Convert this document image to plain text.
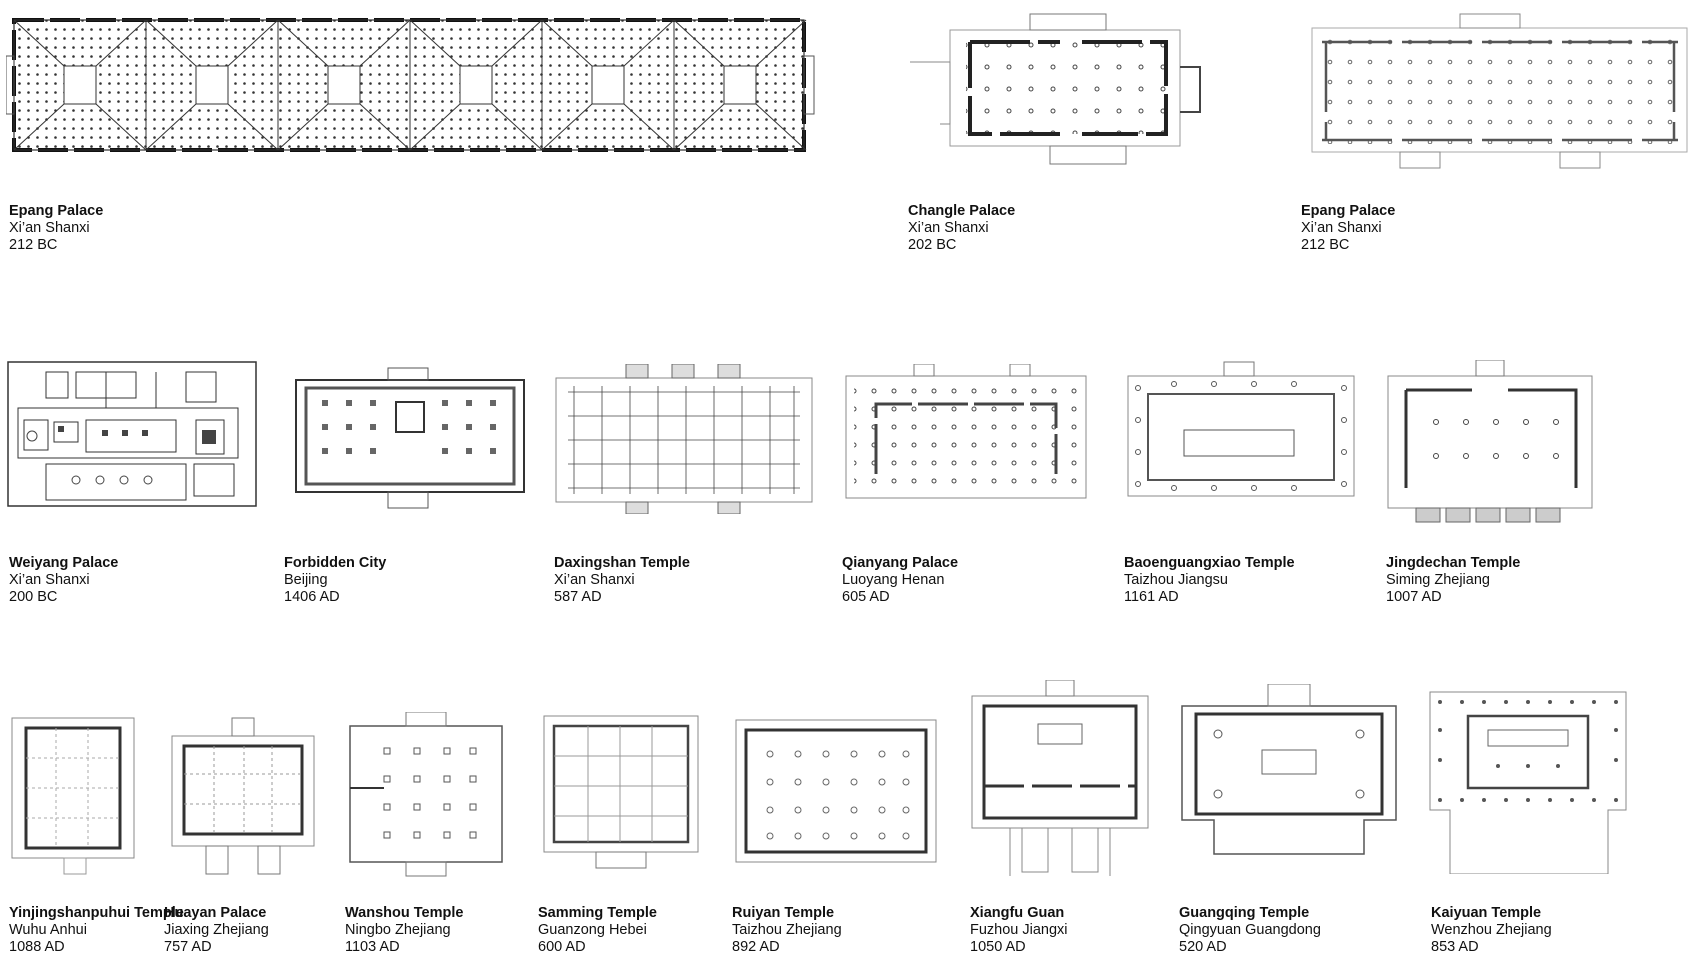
Epang Palace
Xi’an Shanxi
212 BC
Changle Palace
Xi’an Shanxi
202 BC
Epang Palace
Xi’an Shanxi
212 BC
Weiyang Palace
Xi’an Shanxi
200 BC
Forbidden City
Beijing
1406 AD
Daxingshan Temple
Xi’an Shanxi
587 AD
Qianyang Palace
Luoyang Henan
605 AD
Baoenguangxiao Temple
Taizhou Jiangsu
1161 AD
Jingdechan Temple
Siming Zhejiang
1007 AD
Yinjingshanpuhui Temple
Wuhu Anhui
1088 AD
Huayan Palace
Jiaxing Zhejiang
757 AD
Wanshou Temple
Ningbo Zhejiang
1103 AD
Samming Temple
Guanzong Hebei
600 AD
Ruiyan Temple
Taizhou Zhejiang
892 AD
Xiangfu Guan
Fuzhou Jiangxi
1050 AD
Guangqing Temple
Qingyuan Guangdong
520 AD
Kaiyuan Temple
Wenzhou Zhejiang
853 AD
